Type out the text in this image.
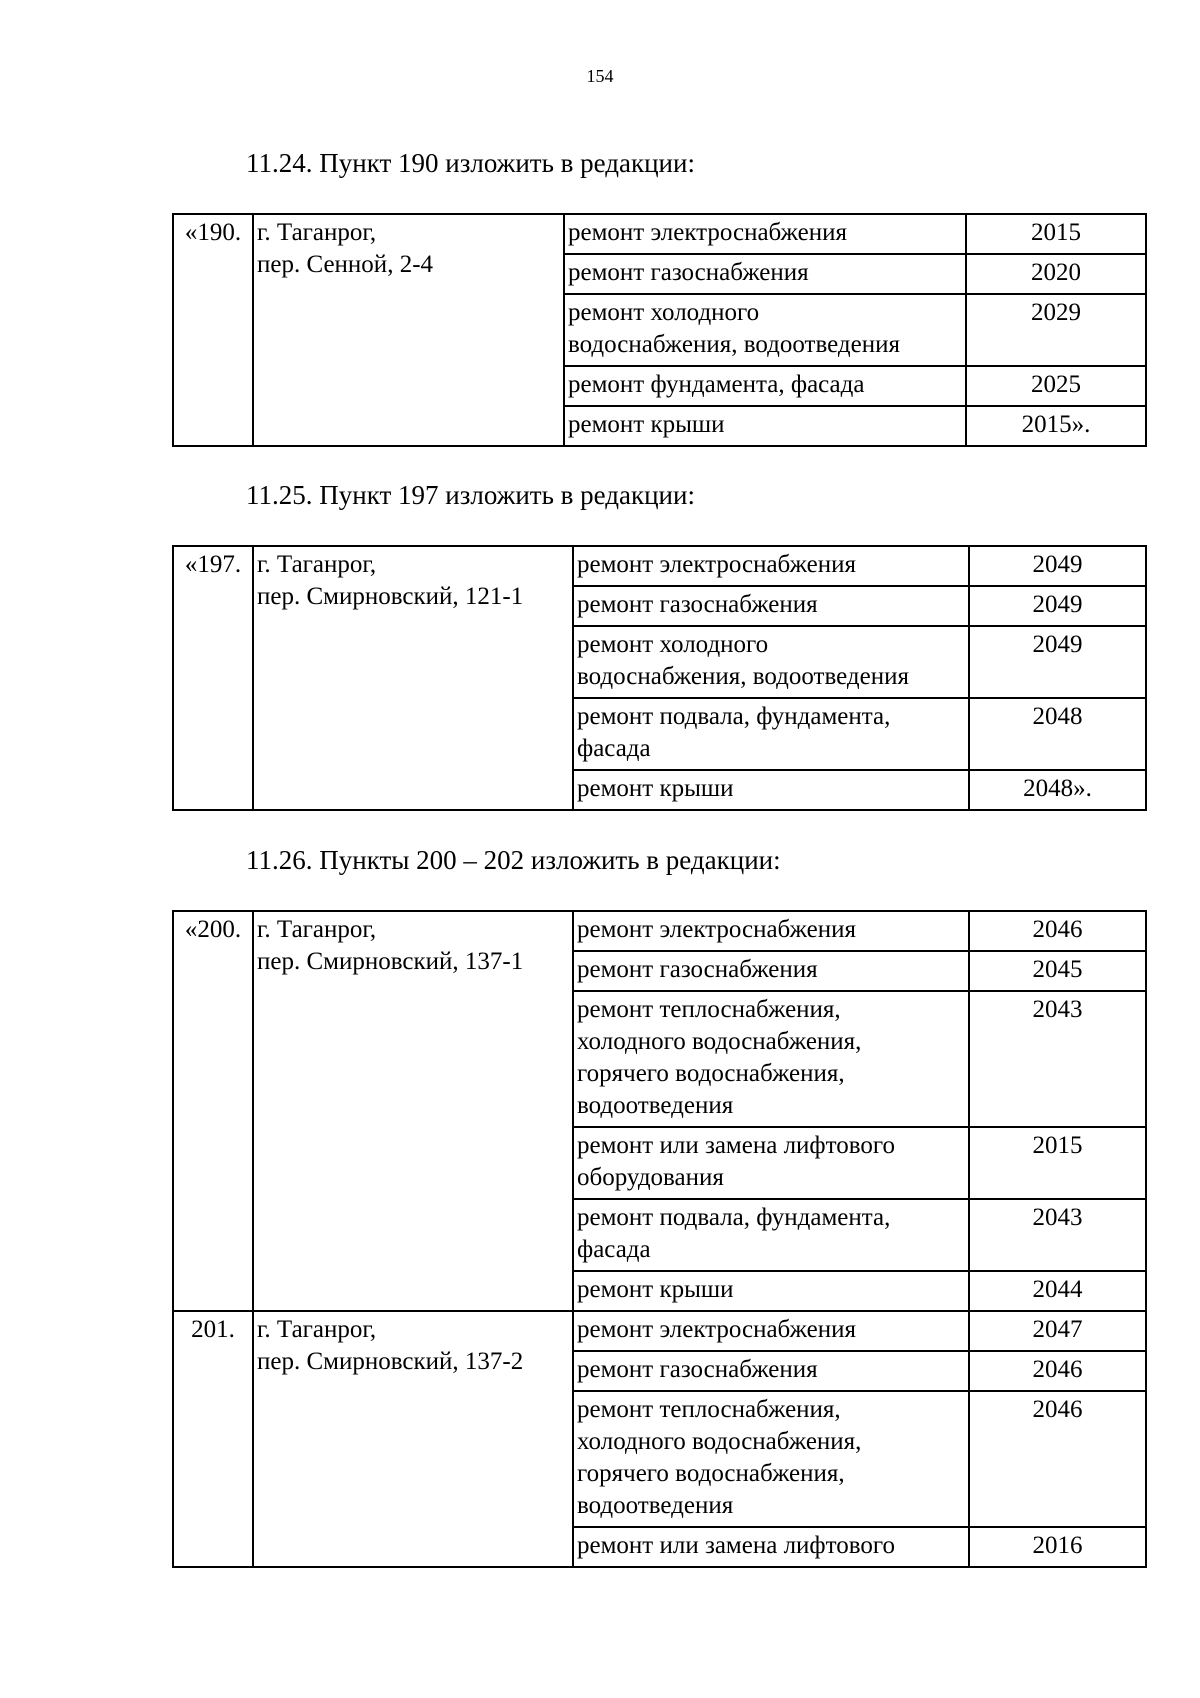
154
11.24. Пункт 190 изложить в редакции:
«190.	г. Таганрог,
пер. Сенной, 2-4	ремонт электроснабжения	2015

		ремонт газоснабжения	2020

		ремонт холодного
водоснабжения, водоотведения	2029

		ремонт фундамента, фасада	2025

		ремонт крыши	2015».
11.25. Пункт 197 изложить в редакции:
«197.	г. Таганрог,
пер. Смирновский, 121-1	ремонт электроснабжения	2049

		ремонт газоснабжения	2049

		ремонт холодного
водоснабжения, водоотведения	2049

		ремонт подвала, фундамента,
фасада	2048

		ремонт крыши	2048».
11.26. Пункты 200 – 202 изложить в редакции:
«200.	г. Таганрог,
пер. Смирновский, 137-1	ремонт электроснабжения	2046

		ремонт газоснабжения	2045

		ремонт теплоснабжения,
холодного водоснабжения,
горячего водоснабжения,
водоотведения	2043

		ремонт или замена лифтового
оборудования	2015

		ремонт подвала, фундамента,
фасада	2043

		ремонт крыши	2044
201.	г. Таганрог,
пер. Смирновский, 137-2	ремонт электроснабжения	2047

		ремонт газоснабжения	2046

		ремонт теплоснабжения,
холодного водоснабжения,
горячего водоснабжения,
водоотведения	2046

		ремонт или замена лифтового	2016
